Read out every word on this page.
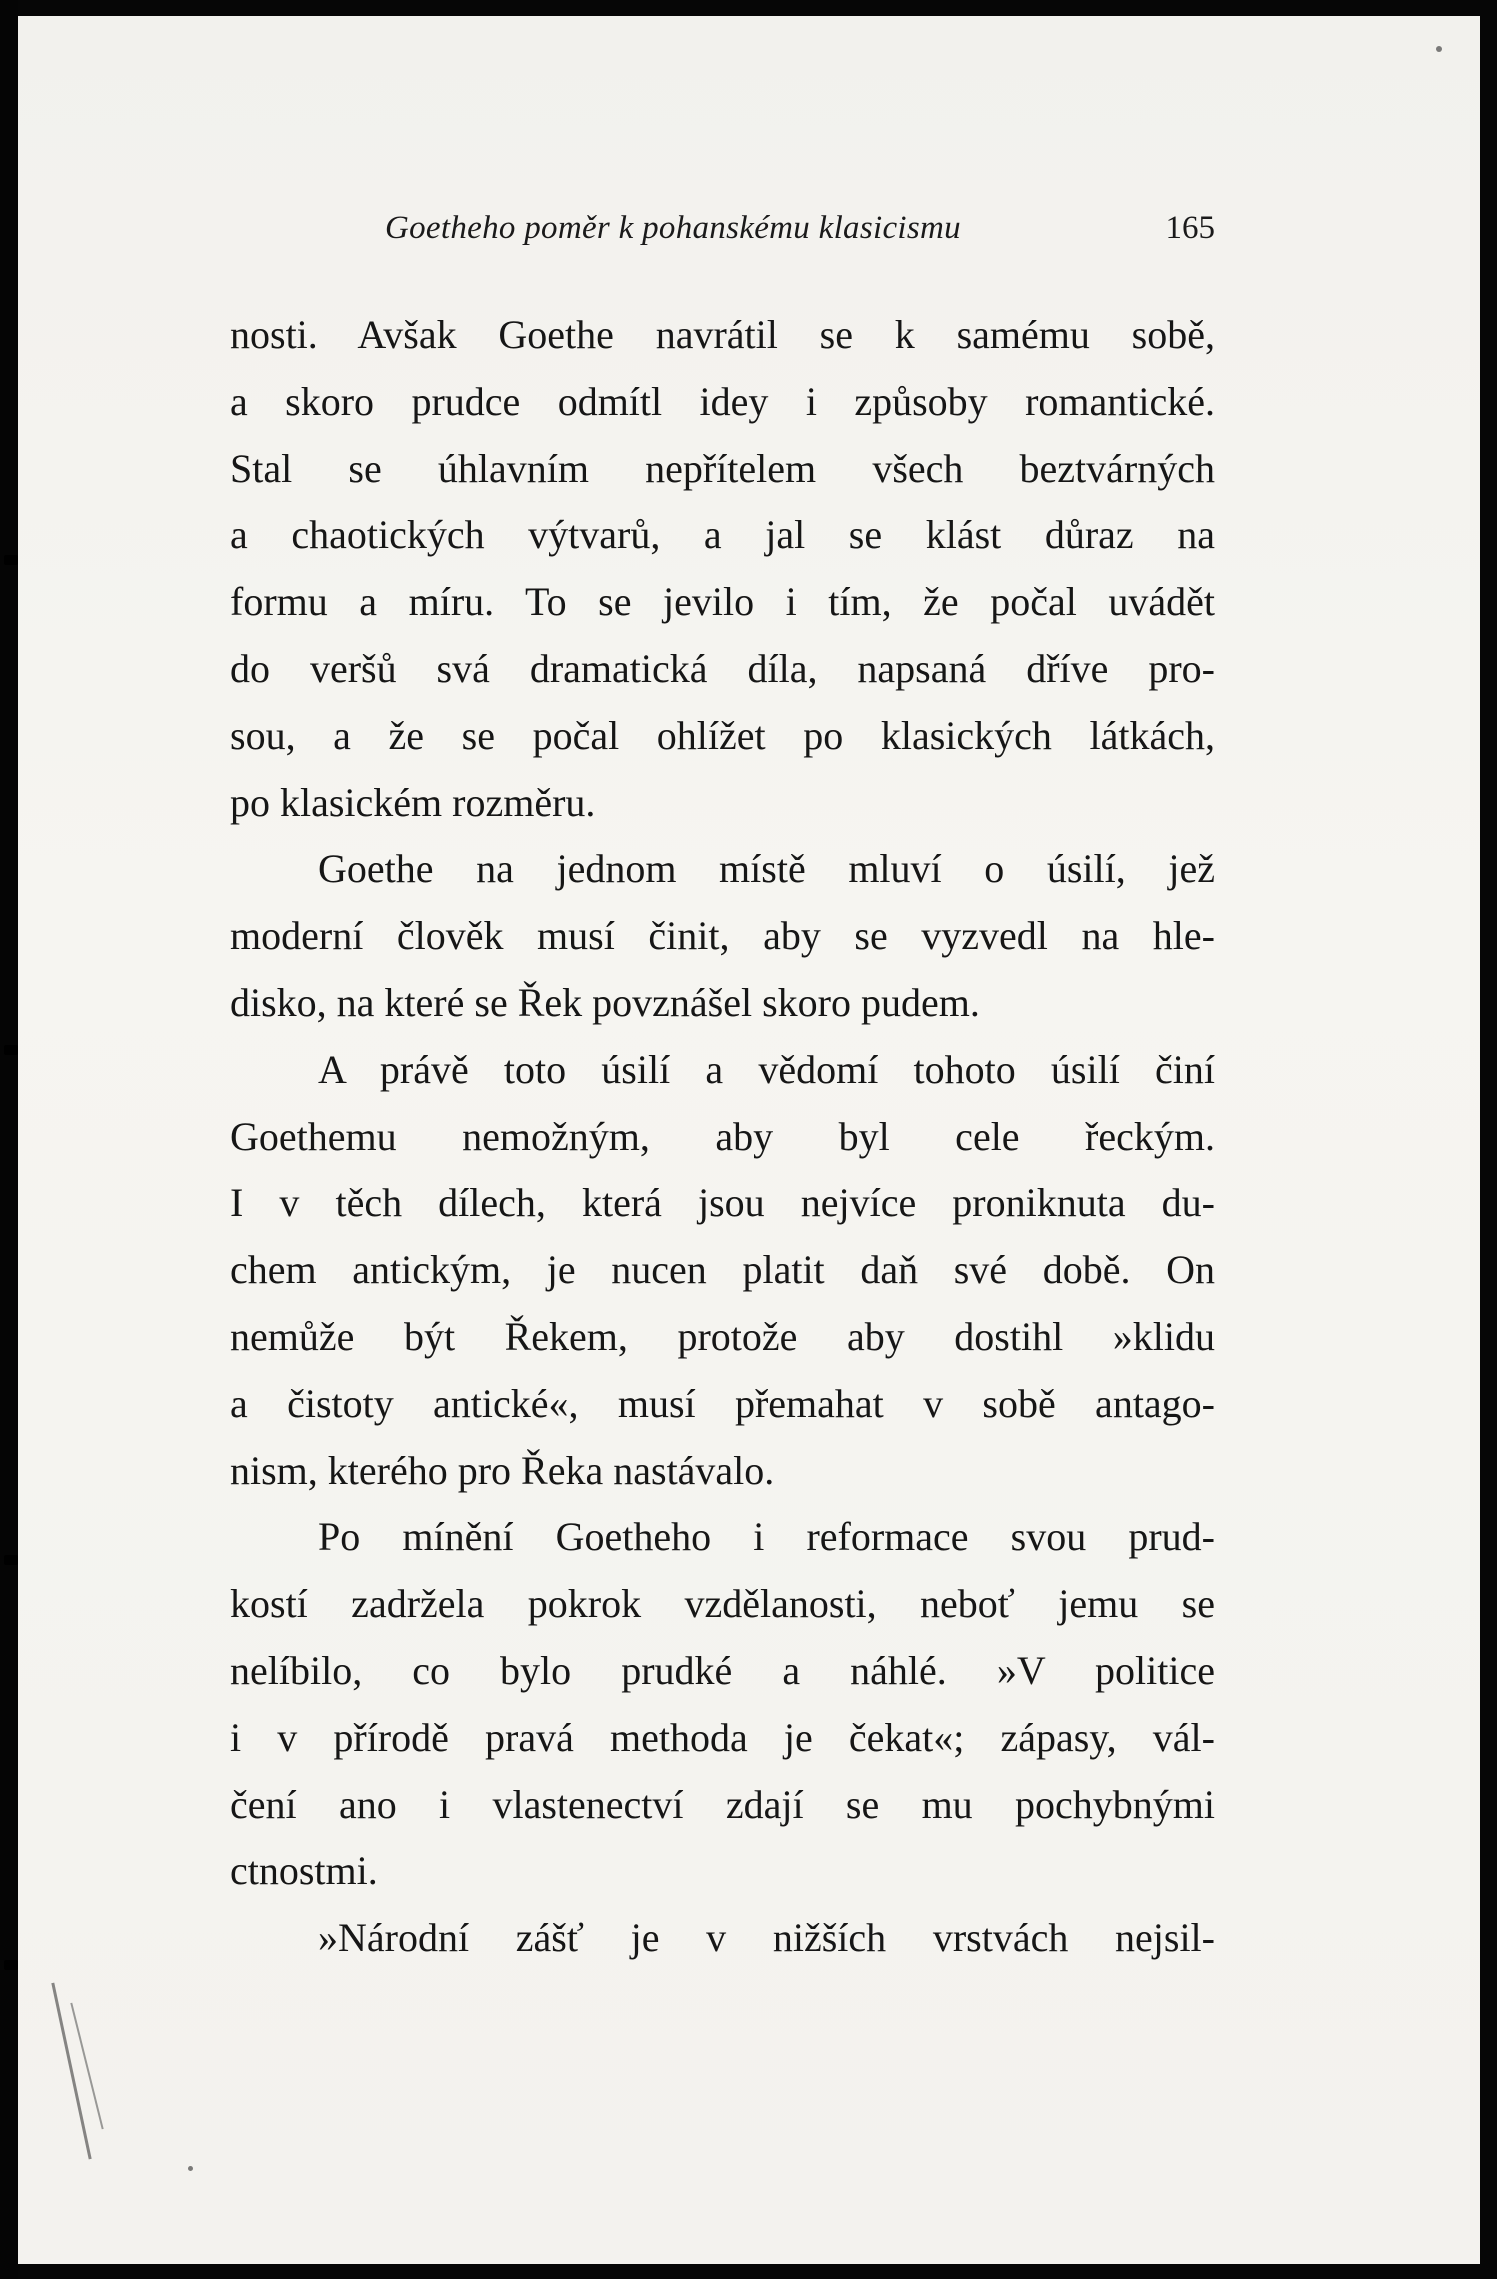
Goetheho poměr k pohanskému klasicismu	165
nosti. Avšak Goethe navrátil se k samému sobě,
a skoro prudce odmítl idey i způsoby romantické.
Stal se úhlavním nepřítelem všech beztvárných
a chaotických výtvarů, a jal se klást důraz na
formu a míru. To se jevilo i tím, že počal uvádět
do veršů svá dramatická díla, napsaná dříve pro-
sou, a že se počal ohlížet po klasických látkách,
po klasickém rozměru.
Goethe na jednom místě mluví o úsilí, jež
moderní člověk musí činit, aby se vyzvedl na hle-
disko, na které se Řek povznášel skoro pudem.
A právě toto úsilí a vědomí tohoto úsilí činí
Goethemu nemožným, aby byl cele řeckým.
I v těch dílech, která jsou nejvíce proniknuta du-
chem antickým, je nucen platit daň své době. On
nemůže být Řekem, protože aby dostihl »klidu
a čistoty antické«, musí přemahat v sobě antago-
nism, kterého pro Řeka nastávalo.
Po mínění Goetheho i reformace svou prud-
kostí zadržela pokrok vzdělanosti, neboť jemu se
nelíbilo, co bylo prudké a náhlé. »V politice
i v přírodě pravá methoda je čekat«; zápasy, vál-
čení ano i vlastenectví zdají se mu pochybnými
ctnostmi.
»Národní zášť je v nižších vrstvách nejsil-
